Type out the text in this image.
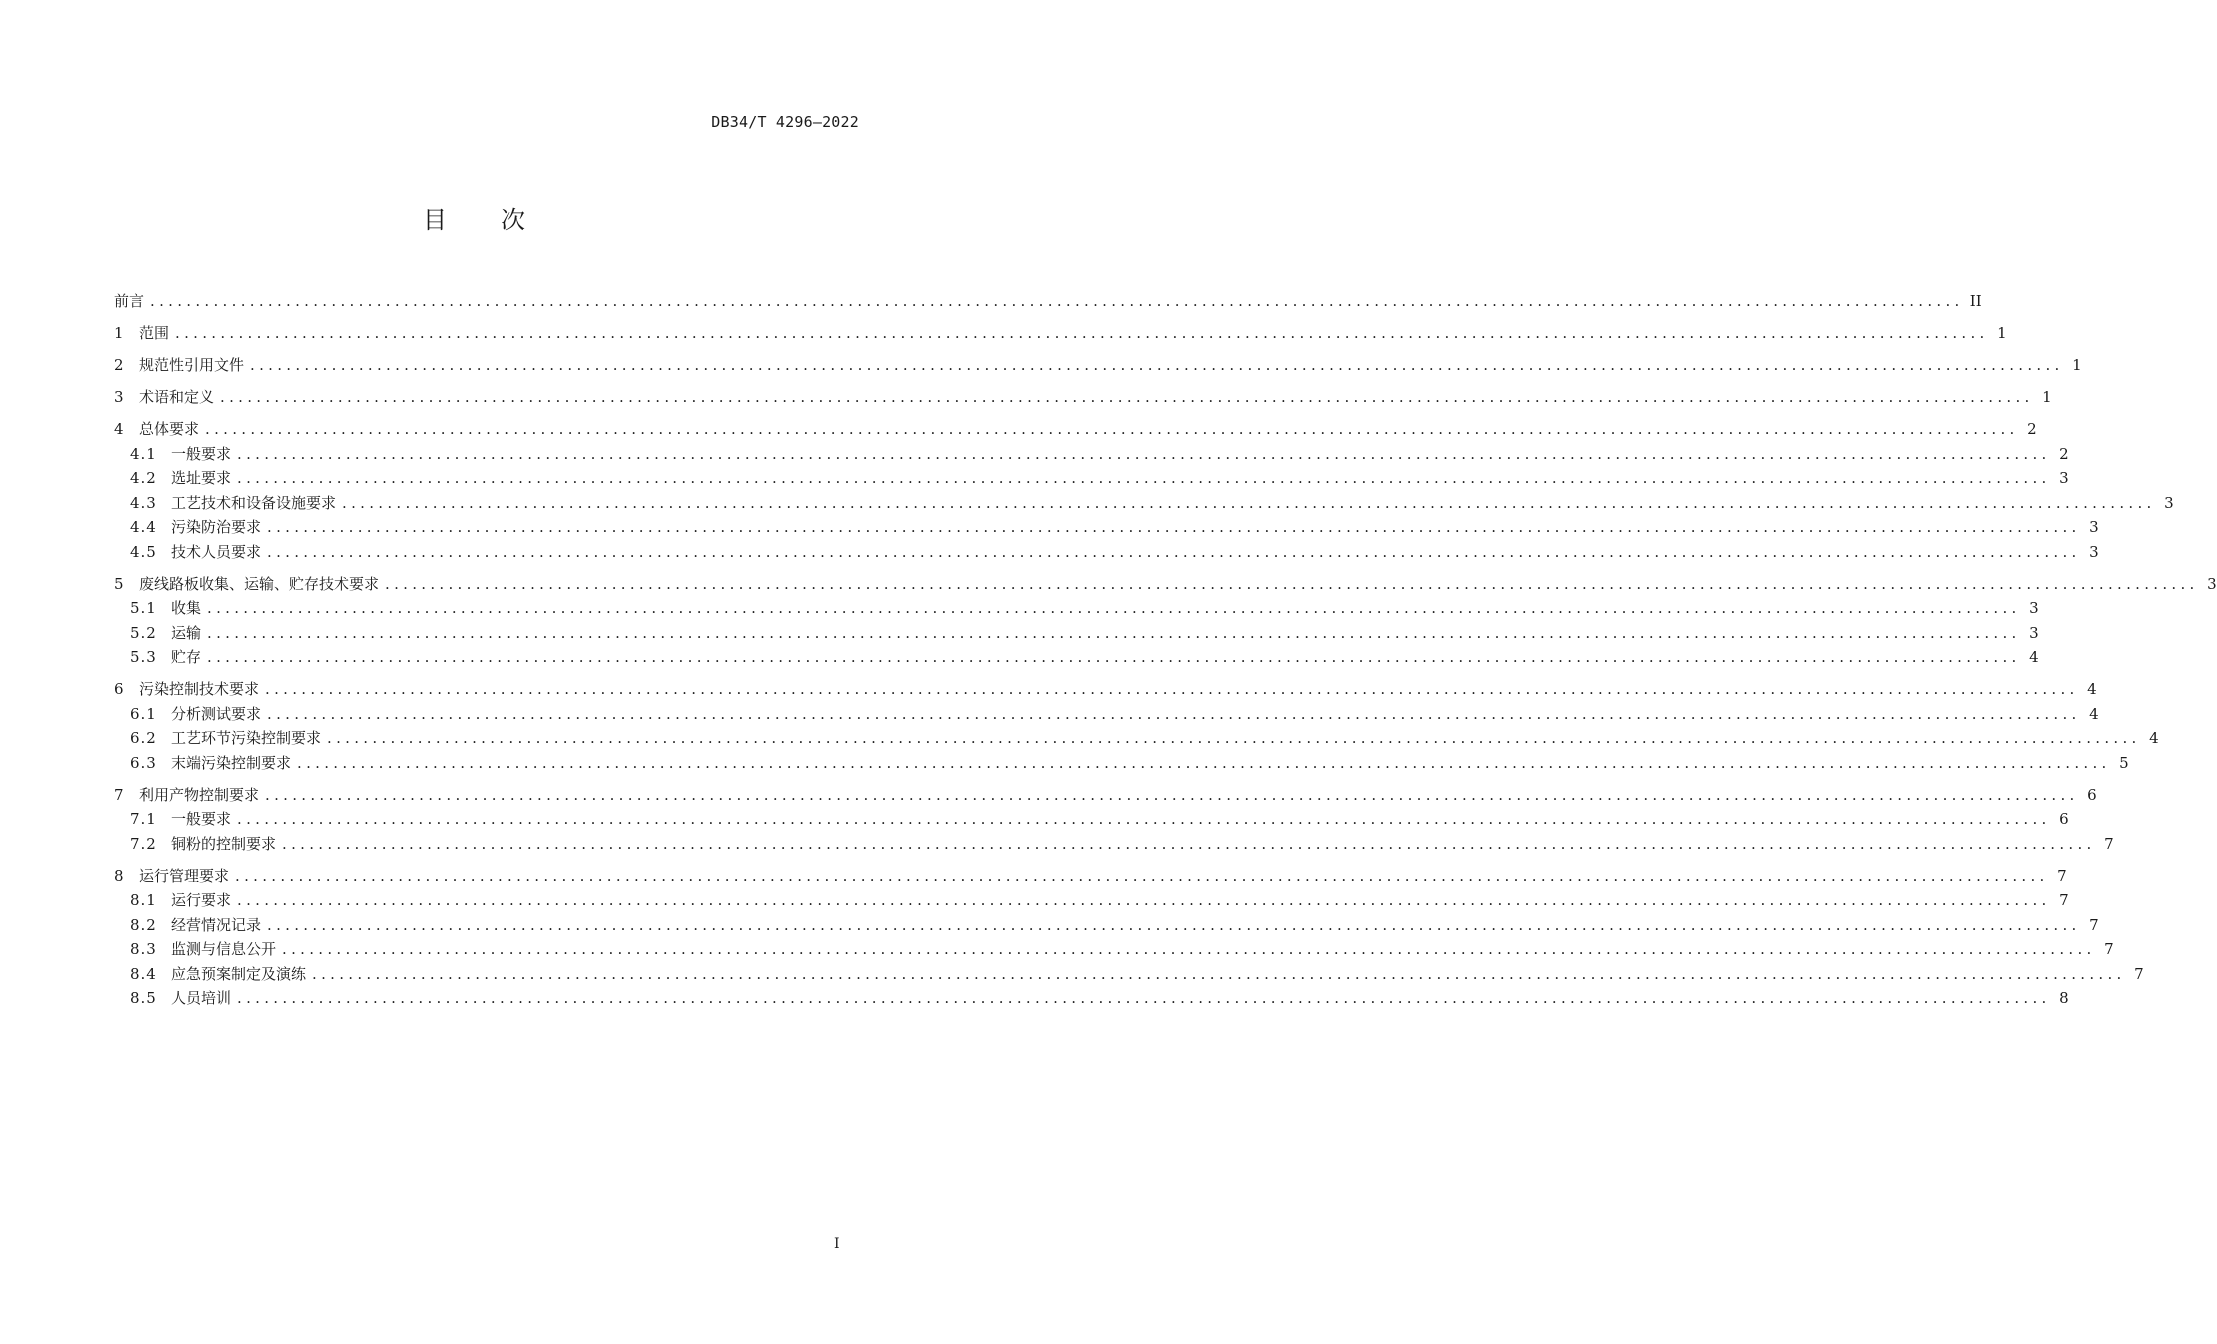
DB34/T 4296—2022
目 次
前言 ........................................................................................................................................................................................................ II
1	范围 ........................................................................................................................................................................................................ 1
2	规范性引用文件 ........................................................................................................................................................................................................ 1
3	术语和定义 ........................................................................................................................................................................................................ 1
4	总体要求 ........................................................................................................................................................................................................ 2
4.1 一般要求 ........................................................................................................................................................................................................ 2
4.2 选址要求 ........................................................................................................................................................................................................ 3
4.3 工艺技术和设备设施要求 ........................................................................................................................................................................................................ 3
4.4 污染防治要求 ........................................................................................................................................................................................................ 3
4.5 技术人员要求 ........................................................................................................................................................................................................ 3
5	废线路板收集、运输、贮存技术要求 ........................................................................................................................................................................................................ 3
5.1 收集 ........................................................................................................................................................................................................ 3
5.2 运输 ........................................................................................................................................................................................................ 3
5.3 贮存 ........................................................................................................................................................................................................ 4
6	污染控制技术要求 ........................................................................................................................................................................................................ 4
6.1 分析测试要求 ........................................................................................................................................................................................................ 4
6.2 工艺环节污染控制要求 ........................................................................................................................................................................................................ 4
6.3 末端污染控制要求 ........................................................................................................................................................................................................ 5
7	利用产物控制要求 ........................................................................................................................................................................................................ 6
7.1 一般要求 ........................................................................................................................................................................................................ 6
7.2 铜粉的控制要求 ........................................................................................................................................................................................................ 7
8	运行管理要求 ........................................................................................................................................................................................................ 7
8.1 运行要求 ........................................................................................................................................................................................................ 7
8.2 经营情况记录 ........................................................................................................................................................................................................ 7
8.3 监测与信息公开 ........................................................................................................................................................................................................ 7
8.4 应急预案制定及演练 ........................................................................................................................................................................................................ 7
8.5 人员培训 ........................................................................................................................................................................................................ 8
I
